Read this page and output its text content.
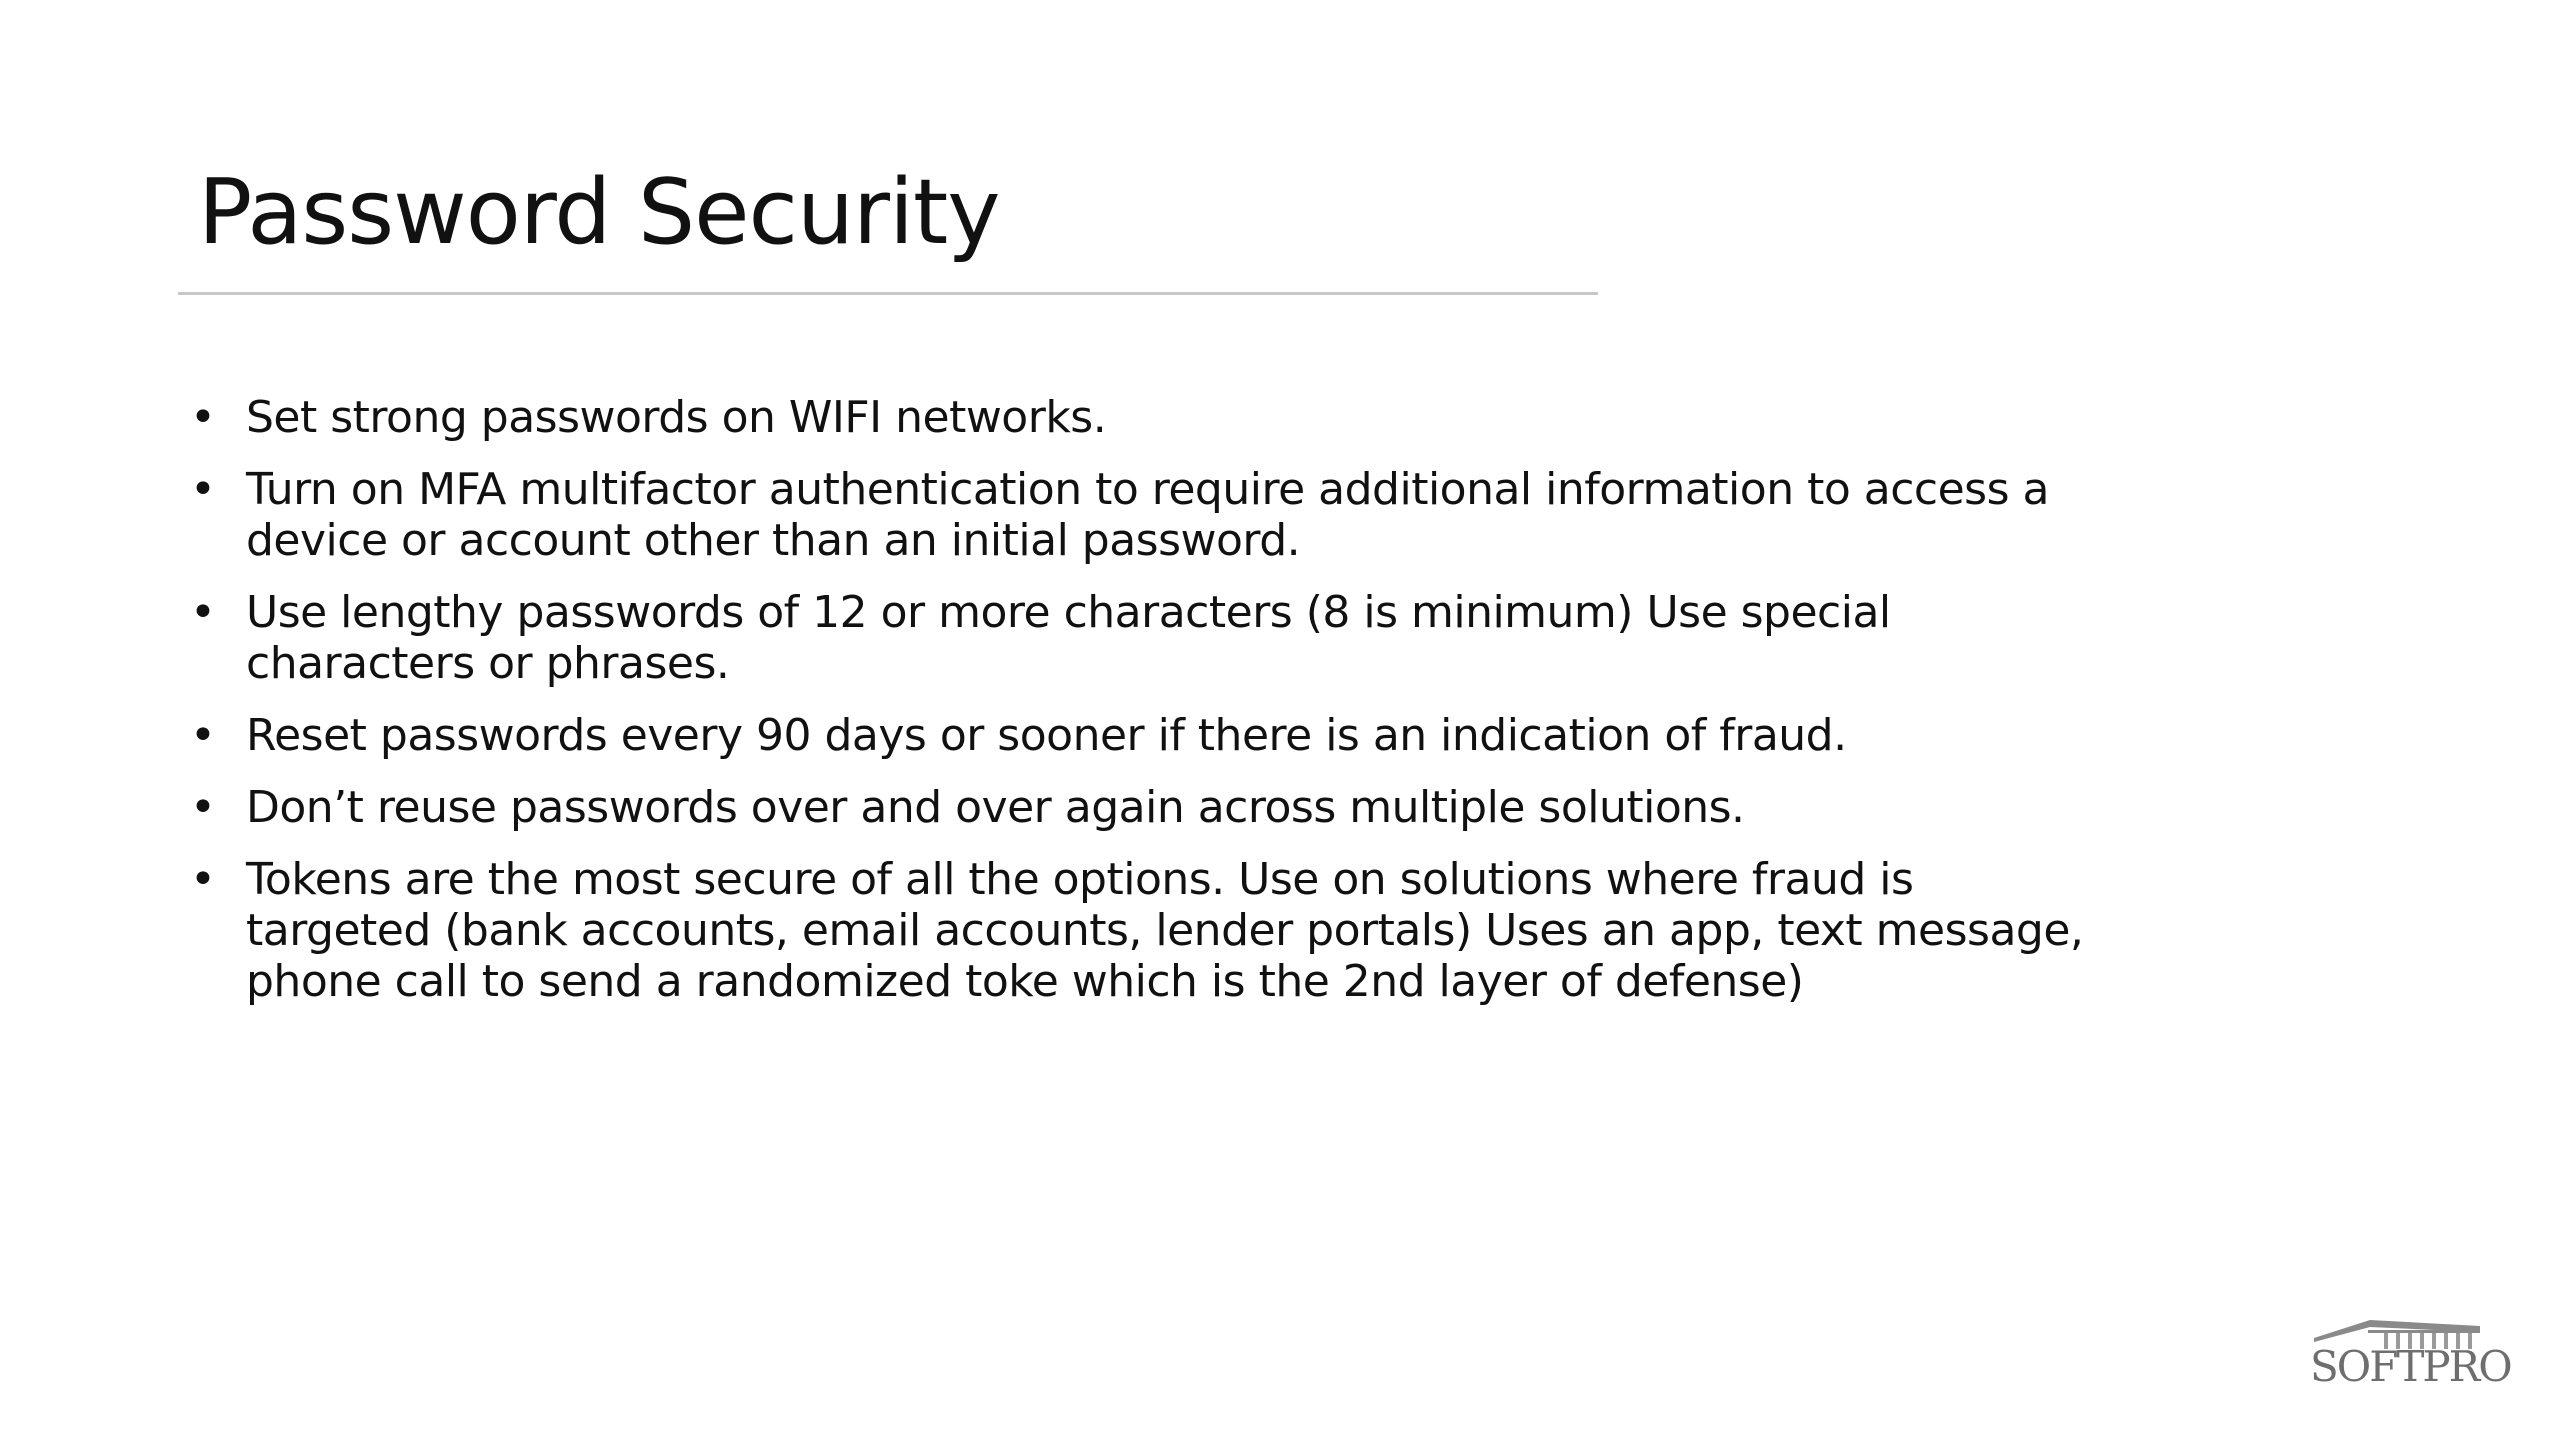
Password Security
• Set strong passwords on WIFI networks.
• Turn on MFA multifactor authentication to require additional information to access a device or account other than an initial password.
• Use lengthy passwords of 12 or more characters (8 is minimum) Use special characters or phrases.
• Reset passwords every 90 days or sooner if there is an indication of fraud.
• Don’t reuse passwords over and over again across multiple solutions.
• Tokens are the most secure of all the options. Use on solutions where fraud is targeted (bank accounts, email accounts, lender portals) Uses an app, text message, phone call to send a randomized toke which is the 2nd layer of defense)
SOFTPRO
